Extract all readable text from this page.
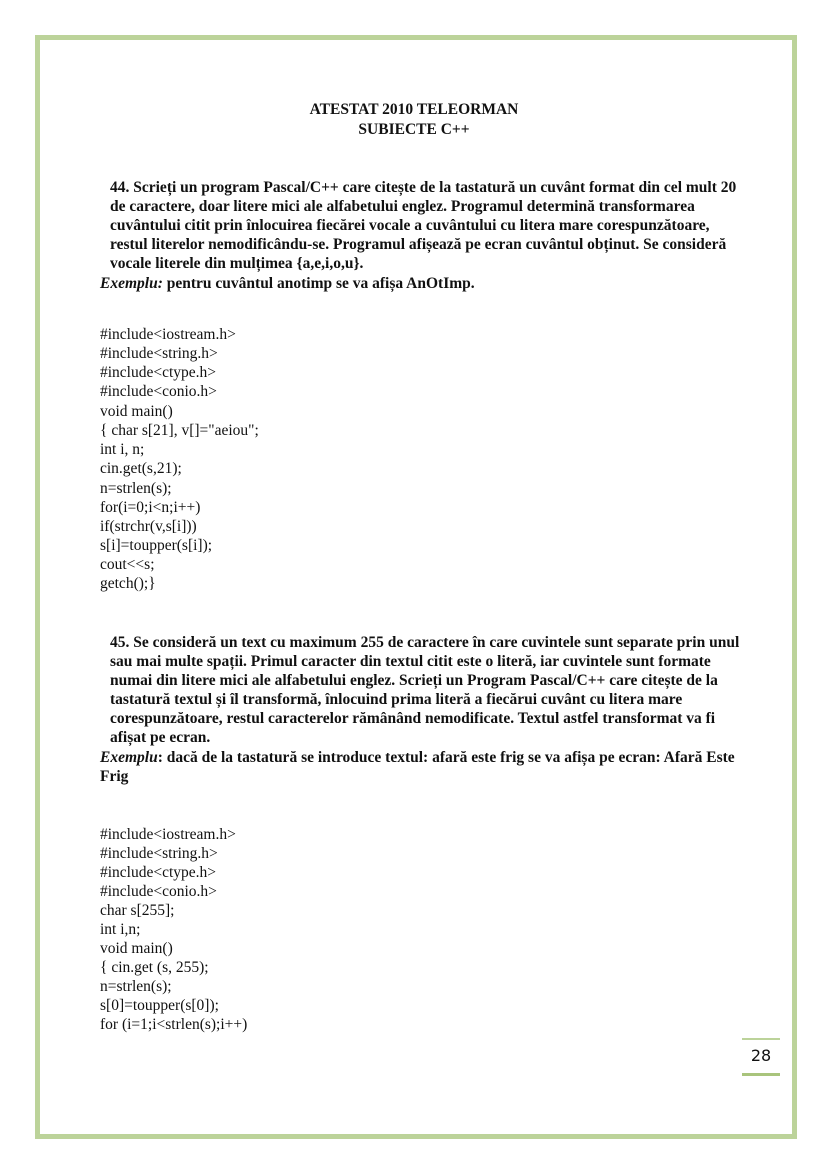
ATESTAT 2010 TELEORMAN
SUBIECTE C++
44. Scrieți un program Pascal/C++ care citește de la tastatură un cuvânt format din cel mult 20
de caractere, doar litere mici ale alfabetului englez. Programul determină transformarea
cuvântului citit prin înlocuirea fiecărei vocale a cuvântului cu litera mare corespunzătoare,
restul literelor nemodificându-se. Programul afișează pe ecran cuvântul obținut. Se consideră
vocale literele din mulțimea {a,e,i,o,u}.
Exemplu: pentru cuvântul anotimp se va afișa AnOtImp.
#include<iostream.h>
#include<string.h>
#include<ctype.h>
#include<conio.h>
void main()
{ char s[21], v[]="aeiou";
int i, n;
cin.get(s,21);
n=strlen(s);
for(i=0;i<n;i++)
if(strchr(v,s[i]))
s[i]=toupper(s[i]);
cout<<s;
getch();}
45. Se consideră un text cu maximum 255 de caractere în care cuvintele sunt separate prin unul
sau mai multe spații. Primul caracter din textul citit este o literă, iar cuvintele sunt formate
numai din litere mici ale alfabetului englez. Scrieți un Program Pascal/C++ care citește de la
tastatură textul și îl transformă, înlocuind prima literă a fiecărui cuvânt cu litera mare
corespunzătoare, restul caracterelor rămânând nemodificate. Textul astfel transformat va fi
afișat pe ecran.
Exemplu: dacă de la tastatură se introduce textul: afară este frig se va afișa pe ecran: Afară Este
Frig
#include<iostream.h>
#include<string.h>
#include<ctype.h>
#include<conio.h>
char s[255];
int i,n;
void main()
{ cin.get (s, 255);
n=strlen(s);
s[0]=toupper(s[0]);
for (i=1;i<strlen(s);i++)
28
